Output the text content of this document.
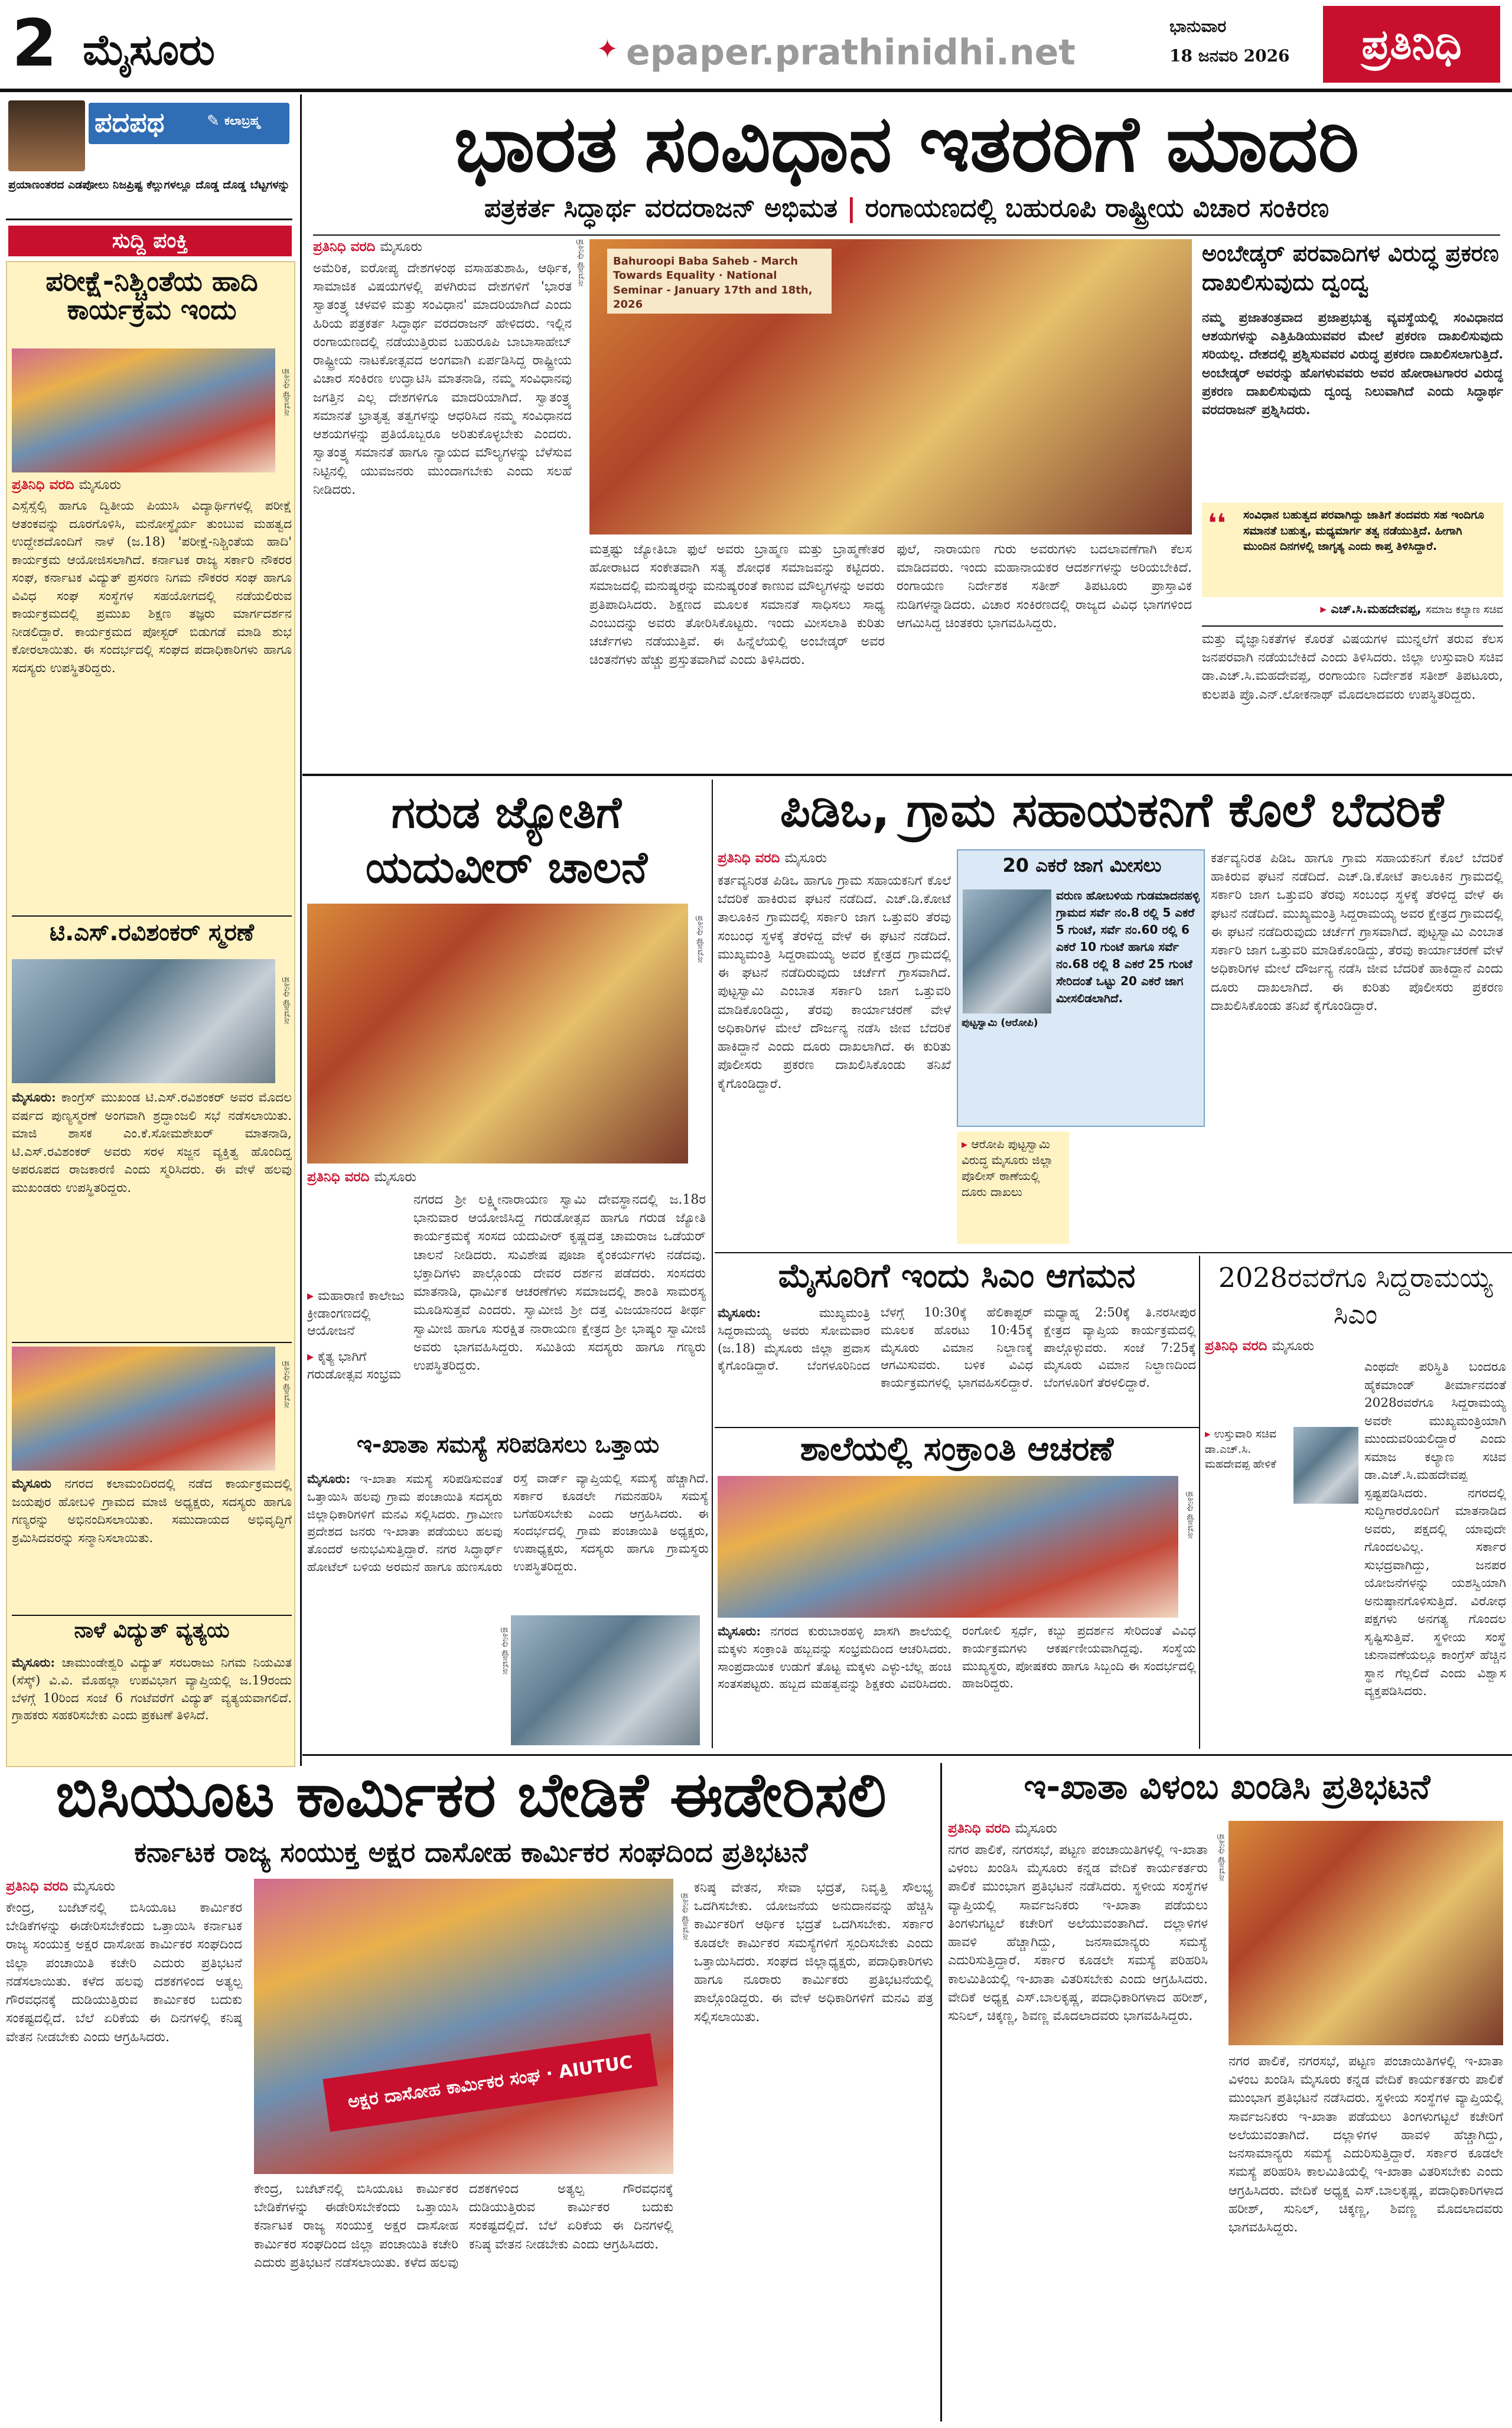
2 ಮೈಸೂರು	✦ epaper.prathinidhi.net
ಭಾನುವಾರ
18 ಜನವರಿ 2026	ಪ್ರತಿನಿಧಿ
ಪದಪಥ	✎ ಕಲಾಬ್ರಹ್ಮ
ಪ್ರಯಾಣಂತರದ ಎಡಪೋಲು ನಿಜಪ್ರಿಷ್ಟ ಕೆಲ್ಲುಗಳಲ್ಲೂ ದೊಡ್ಡ ದೊಡ್ಡ ಬೆಟ್ಟಗಳನ್ನು
ಸುದ್ದಿ ಪಂಕ್ತಿ
ಪರೀಕ್ಷೆ-ನಿಶ್ಚಿಂತೆಯ ಹಾದಿ ಕಾರ್ಯಕ್ರಮ ಇಂದು
ಪ್ರತಿನಿಧಿ ಫೋಟೋ
ಪ್ರತಿನಿಧಿ ವರದಿ ಮೈಸೂರು
ಎಸ್ಸೆಸ್ಸೆಲ್ಸಿ ಹಾಗೂ ದ್ವಿತೀಯ ಪಿಯುಸಿ ವಿದ್ಯಾರ್ಥಿಗಳಲ್ಲಿ ಪರೀಕ್ಷೆ ಆತಂಕವನ್ನು ದೂರಗೊಳಿಸಿ, ಮನೋಸ್ಥೈರ್ಯ ತುಂಬುವ ಮಹತ್ವದ ಉದ್ದೇಶದೊಂದಿಗೆ ನಾಳೆ (ಜ.18) 'ಪರೀಕ್ಷೆ-ನಿಶ್ಚಿಂತೆಯ ಹಾದಿ' ಕಾರ್ಯಕ್ರಮ ಆಯೋಜಿಸಲಾಗಿದೆ. ಕರ್ನಾಟಕ ರಾಜ್ಯ ಸರ್ಕಾರಿ ನೌಕರರ ಸಂಘ, ಕರ್ನಾಟಕ ವಿದ್ಯುತ್ ಪ್ರಸರಣ ನಿಗಮ ನೌಕರರ ಸಂಘ ಹಾಗೂ ವಿವಿಧ ಸಂಘ ಸಂಸ್ಥೆಗಳ ಸಹಯೋಗದಲ್ಲಿ ನಡೆಯಲಿರುವ ಕಾರ್ಯಕ್ರಮದಲ್ಲಿ ಪ್ರಮುಖ ಶಿಕ್ಷಣ ತಜ್ಞರು ಮಾರ್ಗದರ್ಶನ ನೀಡಲಿದ್ದಾರೆ. ಕಾರ್ಯಕ್ರಮದ ಪೋಸ್ಟರ್ ಬಿಡುಗಡೆ ಮಾಡಿ ಶುಭ ಕೋರಲಾಯಿತು. ಈ ಸಂದರ್ಭದಲ್ಲಿ ಸಂಘದ ಪದಾಧಿಕಾರಿಗಳು ಹಾಗೂ ಸದಸ್ಯರು ಉಪಸ್ಥಿತರಿದ್ದರು.
ಟಿ.ಎಸ್.ರವಿಶಂಕರ್ ಸ್ಮರಣೆ
ಪ್ರತಿನಿಧಿ ಫೋಟೋ
ಮೈಸೂರು: ಕಾಂಗ್ರೆಸ್ ಮುಖಂಡ ಟಿ.ಎಸ್.ರವಿಶಂಕರ್ ಅವರ ಮೊದಲ ವರ್ಷದ ಪುಣ್ಯಸ್ಮರಣೆ ಅಂಗವಾಗಿ ಶ್ರದ್ಧಾಂಜಲಿ ಸಭೆ ನಡೆಸಲಾಯಿತು. ಮಾಜಿ ಶಾಸಕ ಎಂ.ಕೆ.ಸೋಮಶೇಖರ್ ಮಾತನಾಡಿ, ಟಿ.ಎಸ್.ರವಿಶಂಕರ್ ಅವರು ಸರಳ ಸಜ್ಜನ ವ್ಯಕ್ತಿತ್ವ ಹೊಂದಿದ್ದ ಅಪರೂಪದ ರಾಜಕಾರಣಿ ಎಂದು ಸ್ಮರಿಸಿದರು. ಈ ವೇಳೆ ಹಲವು ಮುಖಂಡರು ಉಪಸ್ಥಿತರಿದ್ದರು.
ಪ್ರತಿನಿಧಿ ಫೋಟೋ
ಮೈಸೂರು ನಗರದ ಕಲಾಮಂದಿರದಲ್ಲಿ ನಡೆದ ಕಾರ್ಯಕ್ರಮದಲ್ಲಿ ಜಯಪುರ ಹೋಬಳಿ ಗ್ರಾಮದ ಮಾಜಿ ಅಧ್ಯಕ್ಷರು, ಸದಸ್ಯರು ಹಾಗೂ ಗಣ್ಯರನ್ನು ಅಭಿನಂದಿಸಲಾಯಿತು. ಸಮುದಾಯದ ಅಭಿವೃದ್ಧಿಗೆ ಶ್ರಮಿಸಿದವರನ್ನು ಸನ್ಮಾನಿಸಲಾಯಿತು.
ನಾಳೆ ವಿದ್ಯುತ್ ವ್ಯತ್ಯಯ
ಮೈಸೂರು: ಚಾಮುಂಡೇಶ್ವರಿ ವಿದ್ಯುತ್ ಸರಬರಾಜು ನಿಗಮ ನಿಯಮಿತ (ಸೆಸ್ಕ್) ವಿ.ವಿ. ಮೊಹಲ್ಲಾ ಉಪವಿಭಾಗ ವ್ಯಾಪ್ತಿಯಲ್ಲಿ ಜ.19ರಂದು ಬೆಳಗ್ಗೆ 10ರಿಂದ ಸಂಜೆ 6 ಗಂಟೆವರೆಗೆ ವಿದ್ಯುತ್ ವ್ಯತ್ಯಯವಾಗಲಿದೆ. ಗ್ರಾಹಕರು ಸಹಕರಿಸಬೇಕು ಎಂದು ಪ್ರಕಟಣೆ ತಿಳಿಸಿದೆ.
ಭಾರತ ಸಂವಿಧಾನ ಇತರರಿಗೆ ಮಾದರಿ
ಪತ್ರಕರ್ತ ಸಿದ್ಧಾರ್ಥ ವರದರಾಜನ್ ಅಭಿಮತ | ರಂಗಾಯಣದಲ್ಲಿ ಬಹುರೂಪಿ ರಾಷ್ಟ್ರೀಯ ವಿಚಾರ ಸಂಕಿರಣ
ಪ್ರತಿನಿಧಿ ವರದಿ ಮೈಸೂರು	ಪ್ರತಿನಿಧಿ ಫೋಟೋ
ಅಮೆರಿಕ, ಐರೋಪ್ಯ ದೇಶಗಳಂಥ ವಸಾಹತುಶಾಹಿ, ಆರ್ಥಿಕ, ಸಾಮಾಜಿಕ ವಿಷಯಗಳಲ್ಲಿ ಪಳಗಿರುವ ದೇಶಗಳಿಗೆ 'ಭಾರತ ಸ್ವಾತಂತ್ರ್ಯ ಚಳವಳಿ ಮತ್ತು ಸಂವಿಧಾನ' ಮಾದರಿಯಾಗಿದೆ ಎಂದು ಹಿರಿಯ ಪತ್ರಕರ್ತ ಸಿದ್ಧಾರ್ಥ ವರದರಾಜನ್ ಹೇಳಿದರು. ಇಲ್ಲಿನ ರಂಗಾಯಣದಲ್ಲಿ ನಡೆಯುತ್ತಿರುವ ಬಹುರೂಪಿ ಬಾಬಾಸಾಹೇಬ್ ರಾಷ್ಟ್ರೀಯ ನಾಟಕೋತ್ಸವದ ಅಂಗವಾಗಿ ಏರ್ಪಡಿಸಿದ್ದ ರಾಷ್ಟ್ರೀಯ ವಿಚಾರ ಸಂಕಿರಣ ಉದ್ಘಾಟಿಸಿ ಮಾತನಾಡಿ, ನಮ್ಮ ಸಂವಿಧಾನವು ಜಗತ್ತಿನ ಎಲ್ಲ ದೇಶಗಳಿಗೂ ಮಾದರಿಯಾಗಿದೆ. ಸ್ವಾತಂತ್ರ್ಯ ಸಮಾನತೆ ಭ್ರಾತೃತ್ವ ತತ್ವಗಳನ್ನು ಆಧರಿಸಿದ ನಮ್ಮ ಸಂವಿಧಾನದ ಆಶಯಗಳನ್ನು ಪ್ರತಿಯೊಬ್ಬರೂ ಅರಿತುಕೊಳ್ಳಬೇಕು ಎಂದರು. ಸ್ವಾತಂತ್ರ್ಯ ಸಮಾನತೆ ಹಾಗೂ ನ್ಯಾಯದ ಮೌಲ್ಯಗಳನ್ನು ಬೆಳೆಸುವ ನಿಟ್ಟಿನಲ್ಲಿ ಯುವಜನರು ಮುಂದಾಗಬೇಕು ಎಂದು ಸಲಹೆ ನೀಡಿದರು.
Bahuroopi Baba Saheb - March Towards Equality · National Seminar - January 17th and 18th, 2026
ಮತ್ತಷ್ಟು ಜ್ಯೋತಿಬಾ ಫುಲೆ ಅವರು ಬ್ರಾಹ್ಮಣ ಮತ್ತು ಬ್ರಾಹ್ಮಣೇತರ ಹೋರಾಟದ ಸಂಕೇತವಾಗಿ ಸತ್ಯ ಶೋಧಕ ಸಮಾಜವನ್ನು ಕಟ್ಟಿದರು. ಸಮಾಜದಲ್ಲಿ ಮನುಷ್ಯರನ್ನು ಮನುಷ್ಯರಂತೆ ಕಾಣುವ ಮೌಲ್ಯಗಳನ್ನು ಅವರು ಪ್ರತಿಪಾದಿಸಿದರು. ಶಿಕ್ಷಣದ ಮೂಲಕ ಸಮಾನತೆ ಸಾಧಿಸಲು ಸಾಧ್ಯ ಎಂಬುದನ್ನು ಅವರು ತೋರಿಸಿಕೊಟ್ಟರು. ಇಂದು ಮೀಸಲಾತಿ ಕುರಿತು ಚರ್ಚೆಗಳು ನಡೆಯುತ್ತಿವೆ. ಈ ಹಿನ್ನೆಲೆಯಲ್ಲಿ ಅಂಬೇಡ್ಕರ್ ಅವರ ಚಿಂತನೆಗಳು ಹೆಚ್ಚು ಪ್ರಸ್ತುತವಾಗಿವೆ ಎಂದು ತಿಳಿಸಿದರು.
ಫುಲೆ, ನಾರಾಯಣ ಗುರು ಅವರುಗಳು ಬದಲಾವಣೆಗಾಗಿ ಕೆಲಸ ಮಾಡಿದವರು. ಇಂದು ಮಹಾನಾಯಕರ ಆದರ್ಶಗಳನ್ನು ಅರಿಯಬೇಕಿದೆ. ರಂಗಾಯಣ ನಿರ್ದೇಶಕ ಸತೀಶ್ ತಿಪಟೂರು ಪ್ರಾಸ್ತಾವಿಕ ನುಡಿಗಳನ್ನಾಡಿದರು. ವಿಚಾರ ಸಂಕಿರಣದಲ್ಲಿ ರಾಜ್ಯದ ವಿವಿಧ ಭಾಗಗಳಿಂದ ಆಗಮಿಸಿದ್ದ ಚಿಂತಕರು ಭಾಗವಹಿಸಿದ್ದರು.
ಅಂಬೇಡ್ಕರ್ ಪರವಾದಿಗಳ ವಿರುದ್ಧ ಪ್ರಕರಣ ದಾಖಲಿಸುವುದು ದ್ವಂದ್ವ
ನಮ್ಮ ಪ್ರಜಾತಂತ್ರವಾದ ಪ್ರಜಾಪ್ರಭುತ್ವ ವ್ಯವಸ್ಥೆಯಲ್ಲಿ ಸಂವಿಧಾನದ ಆಶಯಗಳನ್ನು ಎತ್ತಿಹಿಡಿಯುವವರ ಮೇಲೆ ಪ್ರಕರಣ ದಾಖಲಿಸುವುದು ಸರಿಯಲ್ಲ. ದೇಶದಲ್ಲಿ ಪ್ರಶ್ನಿಸುವವರ ವಿರುದ್ಧ ಪ್ರಕರಣ ದಾಖಲಿಸಲಾಗುತ್ತಿದೆ. ಅಂಬೇಡ್ಕರ್ ಅವರನ್ನು ಹೊಗಳುವವರು ಅವರ ಹೋರಾಟಗಾರರ ವಿರುದ್ಧ ಪ್ರಕರಣ ದಾಖಲಿಸುವುದು ದ್ವಂದ್ವ ನಿಲುವಾಗಿದೆ ಎಂದು ಸಿದ್ಧಾರ್ಥ ವರದರಾಜನ್ ಪ್ರಶ್ನಿಸಿದರು.
❛❛	ಸಂವಿಧಾನ ಬಹುತ್ವದ ಪರವಾಗಿದ್ದು ಜಾತಿಗೆ ತಂದವರು ಸಹ ಇಂದಿಗೂ ಸಮಾನತೆ ಬಹುತ್ವ, ಮಧ್ಯಮಾರ್ಗ ತತ್ವ ನಡೆಯುತ್ತಿದೆ. ಹೀಗಾಗಿ ಮುಂದಿನ ದಿನಗಳಲ್ಲಿ ಜಾಗೃತ್ಯ ಎಂದು ಕಾಪ್ತ ತಿಳಿಸಿದ್ದಾರೆ.
▸ ಎಚ್.ಸಿ.ಮಹದೇವಪ್ಪ, ಸಮಾಜ ಕಲ್ಯಾಣ ಸಚಿವ
ಮತ್ತು ವೈಜ್ಞಾನಿಕತೆಗಳ ಕೊರತೆ ವಿಷಯಗಳ ಮುನ್ನಲೆಗೆ ತರುವ ಕೆಲಸ ಜನಪರವಾಗಿ ನಡೆಯಬೇಕಿದೆ ಎಂದು ತಿಳಿಸಿದರು. ಜಿಲ್ಲಾ ಉಸ್ತುವಾರಿ ಸಚಿವ ಡಾ.ಎಚ್.ಸಿ.ಮಹದೇವಪ್ಪ, ರಂಗಾಯಣ ನಿರ್ದೇಶಕ ಸತೀಶ್ ತಿಪಟೂರು, ಕುಲಪತಿ ಪ್ರೊ.ಎನ್.ಲೋಕನಾಥ್ ಮೊದಲಾದವರು ಉಪಸ್ಥಿತರಿದ್ದರು.
ಗರುಡ ಜ್ಯೋತಿಗೆ ಯದುವೀರ್ ಚಾಲನೆ
ಪ್ರತಿನಿಧಿ ಫೋಟೋ
ಪ್ರತಿನಿಧಿ ವರದಿ ಮೈಸೂರು
▸ ಮಹಾರಾಣಿ ಕಾಲೇಜು ಕ್ರೀಡಾಂಗಣದಲ್ಲಿ ಆಯೋಜನೆ
▸ ಕೈತ್ಯ ಭಾಗಿಗೆ ಗರುಡೋತ್ಸವ ಸಂಭ್ರಮ
ನಗರದ ಶ್ರೀ ಲಕ್ಷ್ಮೀನಾರಾಯಣ ಸ್ವಾಮಿ ದೇವಸ್ಥಾನದಲ್ಲಿ ಜ.18ರ ಭಾನುವಾರ ಆಯೋಜಿಸಿದ್ದ ಗರುಡೋತ್ಸವ ಹಾಗೂ ಗರುಡ ಜ್ಯೋತಿ ಕಾರ್ಯಕ್ರಮಕ್ಕೆ ಸಂಸದ ಯದುವೀರ್ ಕೃಷ್ಣದತ್ತ ಚಾಮರಾಜ ಒಡೆಯರ್ ಚಾಲನೆ ನೀಡಿದರು. ಸುವಿಶೇಷ ಪೂಜಾ ಕೈಂಕರ್ಯಗಳು ನಡೆದವು. ಭಕ್ತಾದಿಗಳು ಪಾಲ್ಗೊಂಡು ದೇವರ ದರ್ಶನ ಪಡೆದರು. ಸಂಸದರು ಮಾತನಾಡಿ, ಧಾರ್ಮಿಕ ಆಚರಣೆಗಳು ಸಮಾಜದಲ್ಲಿ ಶಾಂತಿ ಸಾಮರಸ್ಯ ಮೂಡಿಸುತ್ತವೆ ಎಂದರು. ಸ್ವಾಮೀಜಿ ಶ್ರೀ ದತ್ತ ವಿಜಯಾನಂದ ತೀರ್ಥ ಸ್ವಾಮೀಜಿ ಹಾಗೂ ಸುರಕ್ಷಿತ ನಾರಾಯಣ ಕ್ಷೇತ್ರದ ಶ್ರೀ ಭಾಷ್ಯಂ ಸ್ವಾಮೀಜಿ ಅವರು ಭಾಗವಹಿಸಿದ್ದರು. ಸಮಿತಿಯ ಸದಸ್ಯರು ಹಾಗೂ ಗಣ್ಯರು ಉಪಸ್ಥಿತರಿದ್ದರು.
ಪಿಡಿಒ, ಗ್ರಾಮ ಸಹಾಯಕನಿಗೆ ಕೊಲೆ ಬೆದರಿಕೆ
ಪ್ರತಿನಿಧಿ ವರದಿ ಮೈಸೂರು	20 ಎಕರೆ ಜಾಗ ಮೀಸಲು
ವರುಣ ಹೋಬಳಿಯ ಗುಡಮಾದನಹಳ್ಳಿ ಗ್ರಾಮದ ಸರ್ವೆ ನಂ.8 ರಲ್ಲಿ 5 ಎಕರೆ 5 ಗುಂಟೆ, ಸರ್ವೆ ನಂ.60 ರಲ್ಲಿ 6 ಎಕರೆ 10 ಗುಂಟೆ ಹಾಗೂ ಸರ್ವೆ ನಂ.68 ರಲ್ಲಿ 8 ಎಕರೆ 25 ಗುಂಟೆ ಸೇರಿದಂತೆ ಒಟ್ಟು 20 ಎಕರೆ ಜಾಗ ಮೀಸಲಿಡಲಾಗಿದೆ.
ಪುಟ್ಟಸ್ವಾಮಿ (ಆರೋಪಿ)
▸ ಆರೋಪಿ ಪುಟ್ಟಸ್ವಾಮಿ ವಿರುದ್ಧ ಮೈಸೂರು ಜಿಲ್ಲಾ ಪೊಲೀಸ್ ಠಾಣೆಯಲ್ಲಿ ದೂರು ದಾಖಲು
ಕರ್ತವ್ಯನಿರತ ಪಿಡಿಒ ಹಾಗೂ ಗ್ರಾಮ ಸಹಾಯಕನಿಗೆ ಕೊಲೆ ಬೆದರಿಕೆ ಹಾಕಿರುವ ಘಟನೆ ನಡೆದಿದೆ. ಎಚ್.ಡಿ.ಕೋಟೆ ತಾಲೂಕಿನ ಗ್ರಾಮದಲ್ಲಿ ಸರ್ಕಾರಿ ಜಾಗ ಒತ್ತುವರಿ ತೆರವು ಸಂಬಂಧ ಸ್ಥಳಕ್ಕೆ ತೆರಳಿದ್ದ ವೇಳೆ ಈ ಘಟನೆ ನಡೆದಿದೆ. ಮುಖ್ಯಮಂತ್ರಿ ಸಿದ್ದರಾಮಯ್ಯ ಅವರ ಕ್ಷೇತ್ರದ ಗ್ರಾಮದಲ್ಲಿ ಈ ಘಟನೆ ನಡೆದಿರುವುದು ಚರ್ಚೆಗೆ ಗ್ರಾಸವಾಗಿದೆ. ಪುಟ್ಟಸ್ವಾಮಿ ಎಂಬಾತ ಸರ್ಕಾರಿ ಜಾಗ ಒತ್ತುವರಿ ಮಾಡಿಕೊಂಡಿದ್ದು, ತೆರವು ಕಾರ್ಯಾಚರಣೆ ವೇಳೆ ಅಧಿಕಾರಿಗಳ ಮೇಲೆ ದೌರ್ಜನ್ಯ ನಡೆಸಿ ಜೀವ ಬೆದರಿಕೆ ಹಾಕಿದ್ದಾನೆ ಎಂದು ದೂರು ದಾಖಲಾಗಿದೆ. ಈ ಕುರಿತು ಪೊಲೀಸರು ಪ್ರಕರಣ ದಾಖಲಿಸಿಕೊಂಡು ತನಿಖೆ ಕೈಗೊಂಡಿದ್ದಾರೆ.
ಕರ್ತವ್ಯನಿರತ ಪಿಡಿಒ ಹಾಗೂ ಗ್ರಾಮ ಸಹಾಯಕನಿಗೆ ಕೊಲೆ ಬೆದರಿಕೆ ಹಾಕಿರುವ ಘಟನೆ ನಡೆದಿದೆ. ಎಚ್.ಡಿ.ಕೋಟೆ ತಾಲೂಕಿನ ಗ್ರಾಮದಲ್ಲಿ ಸರ್ಕಾರಿ ಜಾಗ ಒತ್ತುವರಿ ತೆರವು ಸಂಬಂಧ ಸ್ಥಳಕ್ಕೆ ತೆರಳಿದ್ದ ವೇಳೆ ಈ ಘಟನೆ ನಡೆದಿದೆ. ಮುಖ್ಯಮಂತ್ರಿ ಸಿದ್ದರಾಮಯ್ಯ ಅವರ ಕ್ಷೇತ್ರದ ಗ್ರಾಮದಲ್ಲಿ ಈ ಘಟನೆ ನಡೆದಿರುವುದು ಚರ್ಚೆಗೆ ಗ್ರಾಸವಾಗಿದೆ. ಪುಟ್ಟಸ್ವಾಮಿ ಎಂಬಾತ ಸರ್ಕಾರಿ ಜಾಗ ಒತ್ತುವರಿ ಮಾಡಿಕೊಂಡಿದ್ದು, ತೆರವು ಕಾರ್ಯಾಚರಣೆ ವೇಳೆ ಅಧಿಕಾರಿಗಳ ಮೇಲೆ ದೌರ್ಜನ್ಯ ನಡೆಸಿ ಜೀವ ಬೆದರಿಕೆ ಹಾಕಿದ್ದಾನೆ ಎಂದು ದೂರು ದಾಖಲಾಗಿದೆ. ಈ ಕುರಿತು ಪೊಲೀಸರು ಪ್ರಕರಣ ದಾಖಲಿಸಿಕೊಂಡು ತನಿಖೆ ಕೈಗೊಂಡಿದ್ದಾರೆ.
ಮೈಸೂರಿಗೆ ಇಂದು ಸಿಎಂ ಆಗಮನ
ಮೈಸೂರು:	ಮುಖ್ಯಮಂತ್ರಿ ಸಿದ್ದರಾಮಯ್ಯ ಅವರು ಸೋಮವಾರ (ಜ.18) ಮೈಸೂರು ಜಿಲ್ಲಾ ಪ್ರವಾಸ ಕೈಗೊಂಡಿದ್ದಾರೆ. ಬೆಂಗಳೂರಿನಿಂದ ಬೆಳಗ್ಗೆ 10:30ಕ್ಕೆ ಹೆಲಿಕಾಪ್ಟರ್ ಮೂಲಕ ಹೊರಟು 10:45ಕ್ಕೆ ಮೈಸೂರು ವಿಮಾನ ನಿಲ್ದಾಣಕ್ಕೆ ಆಗಮಿಸುವರು. ಬಳಿಕ ವಿವಿಧ ಕಾರ್ಯಕ್ರಮಗಳಲ್ಲಿ ಭಾಗವಹಿಸಲಿದ್ದಾರೆ. ಮಧ್ಯಾಹ್ನ 2:50ಕ್ಕೆ ತಿ.ನರಸೀಪುರ ಕ್ಷೇತ್ರದ ವ್ಯಾಪ್ತಿಯ ಕಾರ್ಯಕ್ರಮದಲ್ಲಿ ಪಾಲ್ಗೊಳ್ಳುವರು. ಸಂಜೆ 7:25ಕ್ಕೆ ಮೈಸೂರು ವಿಮಾನ ನಿಲ್ದಾಣದಿಂದ ಬೆಂಗಳೂರಿಗೆ ತೆರಳಲಿದ್ದಾರೆ.
2028ರವರೆಗೂ ಸಿದ್ದರಾಮಯ್ಯ ಸಿಎಂ
ಪ್ರತಿನಿಧಿ ವರದಿ ಮೈಸೂರು
▸ ಉಸ್ತುವಾರಿ ಸಚಿವ ಡಾ.ಎಚ್.ಸಿ. ಮಹದೇವಪ್ಪ ಹೇಳಿಕೆ
ಎಂಥದೇ ಪರಿಸ್ಥಿತಿ ಬಂದರೂ ಹೈಕಮಾಂಡ್ ತೀರ್ಮಾನದಂತೆ 2028ರವರೆಗೂ ಸಿದ್ದರಾಮಯ್ಯ ಅವರೇ ಮುಖ್ಯಮಂತ್ರಿಯಾಗಿ ಮುಂದುವರಿಯಲಿದ್ದಾರೆ ಎಂದು ಸಮಾಜ ಕಲ್ಯಾಣ ಸಚಿವ ಡಾ.ಎಚ್.ಸಿ.ಮಹದೇವಪ್ಪ ಸ್ಪಷ್ಟಪಡಿಸಿದರು. ನಗರದಲ್ಲಿ ಸುದ್ದಿಗಾರರೊಂದಿಗೆ ಮಾತನಾಡಿದ ಅವರು, ಪಕ್ಷದಲ್ಲಿ ಯಾವುದೇ ಗೊಂದಲವಿಲ್ಲ. ಸರ್ಕಾರ ಸುಭದ್ರವಾಗಿದ್ದು, ಜನಪರ ಯೋಜನೆಗಳನ್ನು ಯಶಸ್ವಿಯಾಗಿ ಅನುಷ್ಠಾನಗೊಳಿಸುತ್ತಿದೆ. ವಿರೋಧ ಪಕ್ಷಗಳು ಅನಗತ್ಯ ಗೊಂದಲ ಸೃಷ್ಟಿಸುತ್ತಿವೆ. ಸ್ಥಳೀಯ ಸಂಸ್ಥೆ ಚುನಾವಣೆಯಲ್ಲೂ ಕಾಂಗ್ರೆಸ್ ಹೆಚ್ಚಿನ ಸ್ಥಾನ ಗೆಲ್ಲಲಿದೆ ಎಂದು ವಿಶ್ವಾಸ ವ್ಯಕ್ತಪಡಿಸಿದರು.
ಇ-ಖಾತಾ ಸಮಸ್ಯೆ ಸರಿಪಡಿಸಲು ಒತ್ತಾಯ
ಪ್ರತಿನಿಧಿ ಫೋಟೋ
ಮೈಸೂರು: ಇ-ಖಾತಾ ಸಮಸ್ಯೆ ಸರಿಪಡಿಸುವಂತೆ ಒತ್ತಾಯಿಸಿ ಹಲವು ಗ್ರಾಮ ಪಂಚಾಯಿತಿ ಸದಸ್ಯರು ಜಿಲ್ಲಾಧಿಕಾರಿಗಳಿಗೆ ಮನವಿ ಸಲ್ಲಿಸಿದರು. ಗ್ರಾಮೀಣ ಪ್ರದೇಶದ ಜನರು ಇ-ಖಾತಾ ಪಡೆಯಲು ಹಲವು ತೊಂದರೆ ಅನುಭವಿಸುತ್ತಿದ್ದಾರೆ. ನಗರ ಸಿದ್ಧಾರ್ಥ್ ಹೋಟೆಲ್ ಬಳಿಯ ಅರಮನೆ ಹಾಗೂ ಹುಣಸೂರು ರಸ್ತೆ ವಾರ್ಡ್ ವ್ಯಾಪ್ತಿಯಲ್ಲಿ ಸಮಸ್ಯೆ ಹೆಚ್ಚಾಗಿದೆ. ಸರ್ಕಾರ ಕೂಡಲೇ ಗಮನಹರಿಸಿ ಸಮಸ್ಯೆ ಬಗೆಹರಿಸಬೇಕು ಎಂದು ಆಗ್ರಹಿಸಿದರು. ಈ ಸಂದರ್ಭದಲ್ಲಿ ಗ್ರಾಮ ಪಂಚಾಯಿತಿ ಅಧ್ಯಕ್ಷರು, ಉಪಾಧ್ಯಕ್ಷರು, ಸದಸ್ಯರು ಹಾಗೂ ಗ್ರಾಮಸ್ಥರು ಉಪಸ್ಥಿತರಿದ್ದರು.
ಶಾಲೆಯಲ್ಲಿ ಸಂಕ್ರಾಂತಿ ಆಚರಣೆ
ಪ್ರತಿನಿಧಿ ಫೋಟೋ
ಮೈಸೂರು: ನಗರದ ಕುರುಬಾರಹಳ್ಳಿ ಖಾಸಗಿ ಶಾಲೆಯಲ್ಲಿ ಮಕ್ಕಳು ಸಂಕ್ರಾಂತಿ ಹಬ್ಬವನ್ನು ಸಂಭ್ರಮದಿಂದ ಆಚರಿಸಿದರು. ಸಾಂಪ್ರದಾಯಿಕ ಉಡುಗೆ ತೊಟ್ಟ ಮಕ್ಕಳು ಎಳ್ಳು-ಬೆಲ್ಲ ಹಂಚಿ ಸಂತಸಪಟ್ಟರು. ಹಬ್ಬದ ಮಹತ್ವವನ್ನು ಶಿಕ್ಷಕರು ವಿವರಿಸಿದರು. ರಂಗೋಲಿ ಸ್ಪರ್ಧೆ, ಕಬ್ಬು ಪ್ರದರ್ಶನ ಸೇರಿದಂತೆ ವಿವಿಧ ಕಾರ್ಯಕ್ರಮಗಳು ಆಕರ್ಷಣೀಯವಾಗಿದ್ದವು. ಸಂಸ್ಥೆಯ ಮುಖ್ಯಸ್ಥರು, ಪೋಷಕರು ಹಾಗೂ ಸಿಬ್ಬಂದಿ ಈ ಸಂದರ್ಭದಲ್ಲಿ ಹಾಜರಿದ್ದರು.
ಬಿಸಿಯೂಟ ಕಾರ್ಮಿಕರ ಬೇಡಿಕೆ ಈಡೇರಿಸಲಿ
ಕರ್ನಾಟಕ ರಾಜ್ಯ ಸಂಯುಕ್ತ ಅಕ್ಷರ ದಾಸೋಹ ಕಾರ್ಮಿಕರ ಸಂಘದಿಂದ ಪ್ರತಿಭಟನೆ
ಪ್ರತಿನಿಧಿ ವರದಿ ಮೈಸೂರು
ಕೇಂದ್ರ, ಬಜೆಟ್‌ನಲ್ಲಿ ಬಿಸಿಯೂಟ ಕಾರ್ಮಿಕರ ಬೇಡಿಕೆಗಳನ್ನು ಈಡೇರಿಸಬೇಕೆಂದು ಒತ್ತಾಯಿಸಿ ಕರ್ನಾಟಕ ರಾಜ್ಯ ಸಂಯುಕ್ತ ಅಕ್ಷರ ದಾಸೋಹ ಕಾರ್ಮಿಕರ ಸಂಘದಿಂದ ಜಿಲ್ಲಾ ಪಂಚಾಯಿತಿ ಕಚೇರಿ ಎದುರು ಪ್ರತಿಭಟನೆ ನಡೆಸಲಾಯಿತು. ಕಳೆದ ಹಲವು ದಶಕಗಳಿಂದ ಅತ್ಯಲ್ಪ ಗೌರವಧನಕ್ಕೆ ದುಡಿಯುತ್ತಿರುವ ಕಾರ್ಮಿಕರ ಬದುಕು ಸಂಕಷ್ಟದಲ್ಲಿದೆ. ಬೆಲೆ ಏರಿಕೆಯ ಈ ದಿನಗಳಲ್ಲಿ ಕನಿಷ್ಠ ವೇತನ ನೀಡಬೇಕು ಎಂದು ಆಗ್ರಹಿಸಿದರು.
ಅಕ್ಷರ ದಾಸೋಹ ಕಾರ್ಮಿಕರ ಸಂಘ · AIUTUC
ಪ್ರತಿನಿಧಿ ಫೋಟೋ
ಕನಿಷ್ಠ ವೇತನ, ಸೇವಾ ಭದ್ರತೆ, ನಿವೃತ್ತಿ ಸೌಲಭ್ಯ ಒದಗಿಸಬೇಕು. ಯೋಜನೆಯ ಅನುದಾನವನ್ನು ಹೆಚ್ಚಿಸಿ ಕಾರ್ಮಿಕರಿಗೆ ಆರ್ಥಿಕ ಭದ್ರತೆ ಒದಗಿಸಬೇಕು. ಸರ್ಕಾರ ಕೂಡಲೇ ಕಾರ್ಮಿಕರ ಸಮಸ್ಯೆಗಳಿಗೆ ಸ್ಪಂದಿಸಬೇಕು ಎಂದು ಒತ್ತಾಯಿಸಿದರು. ಸಂಘದ ಜಿಲ್ಲಾಧ್ಯಕ್ಷರು, ಪದಾಧಿಕಾರಿಗಳು ಹಾಗೂ ನೂರಾರು ಕಾರ್ಮಿಕರು ಪ್ರತಿಭಟನೆಯಲ್ಲಿ ಪಾಲ್ಗೊಂಡಿದ್ದರು. ಈ ವೇಳೆ ಅಧಿಕಾರಿಗಳಿಗೆ ಮನವಿ ಪತ್ರ ಸಲ್ಲಿಸಲಾಯಿತು.
ಕೇಂದ್ರ, ಬಜೆಟ್‌ನಲ್ಲಿ ಬಿಸಿಯೂಟ ಕಾರ್ಮಿಕರ ಬೇಡಿಕೆಗಳನ್ನು ಈಡೇರಿಸಬೇಕೆಂದು ಒತ್ತಾಯಿಸಿ ಕರ್ನಾಟಕ ರಾಜ್ಯ ಸಂಯುಕ್ತ ಅಕ್ಷರ ದಾಸೋಹ ಕಾರ್ಮಿಕರ ಸಂಘದಿಂದ ಜಿಲ್ಲಾ ಪಂಚಾಯಿತಿ ಕಚೇರಿ ಎದುರು ಪ್ರತಿಭಟನೆ ನಡೆಸಲಾಯಿತು. ಕಳೆದ ಹಲವು ದಶಕಗಳಿಂದ ಅತ್ಯಲ್ಪ ಗೌರವಧನಕ್ಕೆ ದುಡಿಯುತ್ತಿರುವ ಕಾರ್ಮಿಕರ ಬದುಕು ಸಂಕಷ್ಟದಲ್ಲಿದೆ. ಬೆಲೆ ಏರಿಕೆಯ ಈ ದಿನಗಳಲ್ಲಿ ಕನಿಷ್ಠ ವೇತನ ನೀಡಬೇಕು ಎಂದು ಆಗ್ರಹಿಸಿದರು.
ಇ-ಖಾತಾ ವಿಳಂಬ ಖಂಡಿಸಿ ಪ್ರತಿಭಟನೆ
ಪ್ರತಿನಿಧಿ ವರದಿ ಮೈಸೂರು
ನಗರ ಪಾಲಿಕೆ, ನಗರಸಭೆ, ಪಟ್ಟಣ ಪಂಚಾಯಿತಿಗಳಲ್ಲಿ ಇ-ಖಾತಾ ವಿಳಂಬ ಖಂಡಿಸಿ ಮೈಸೂರು ಕನ್ನಡ ವೇದಿಕೆ ಕಾರ್ಯಕರ್ತರು ಪಾಲಿಕೆ ಮುಂಭಾಗ ಪ್ರತಿಭಟನೆ ನಡೆಸಿದರು. ಸ್ಥಳೀಯ ಸಂಸ್ಥೆಗಳ ವ್ಯಾಪ್ತಿಯಲ್ಲಿ ಸಾರ್ವಜನಿಕರು ಇ-ಖಾತಾ ಪಡೆಯಲು ತಿಂಗಳುಗಟ್ಟಲೆ ಕಚೇರಿಗೆ ಅಲೆಯುವಂತಾಗಿದೆ. ದಲ್ಲಾಳಿಗಳ ಹಾವಳಿ ಹೆಚ್ಚಾಗಿದ್ದು, ಜನಸಾಮಾನ್ಯರು ಸಮಸ್ಯೆ ಎದುರಿಸುತ್ತಿದ್ದಾರೆ. ಸರ್ಕಾರ ಕೂಡಲೇ ಸಮಸ್ಯೆ ಪರಿಹರಿಸಿ ಕಾಲಮಿತಿಯಲ್ಲಿ ಇ-ಖಾತಾ ವಿತರಿಸಬೇಕು ಎಂದು ಆಗ್ರಹಿಸಿದರು. ವೇದಿಕೆ ಅಧ್ಯಕ್ಷ ಎಸ್.ಬಾಲಕೃಷ್ಣ, ಪದಾಧಿಕಾರಿಗಳಾದ ಹರೀಶ್, ಸುನಿಲ್, ಚಿಕ್ಕಣ್ಣ, ಶಿವಣ್ಣ ಮೊದಲಾದವರು ಭಾಗವಹಿಸಿದ್ದರು.
ಪ್ರತಿನಿಧಿ ಫೋಟೋ
ನಗರ ಪಾಲಿಕೆ, ನಗರಸಭೆ, ಪಟ್ಟಣ ಪಂಚಾಯಿತಿಗಳಲ್ಲಿ ಇ-ಖಾತಾ ವಿಳಂಬ ಖಂಡಿಸಿ ಮೈಸೂರು ಕನ್ನಡ ವೇದಿಕೆ ಕಾರ್ಯಕರ್ತರು ಪಾಲಿಕೆ ಮುಂಭಾಗ ಪ್ರತಿಭಟನೆ ನಡೆಸಿದರು. ಸ್ಥಳೀಯ ಸಂಸ್ಥೆಗಳ ವ್ಯಾಪ್ತಿಯಲ್ಲಿ ಸಾರ್ವಜನಿಕರು ಇ-ಖಾತಾ ಪಡೆಯಲು ತಿಂಗಳುಗಟ್ಟಲೆ ಕಚೇರಿಗೆ ಅಲೆಯುವಂತಾಗಿದೆ. ದಲ್ಲಾಳಿಗಳ ಹಾವಳಿ ಹೆಚ್ಚಾಗಿದ್ದು, ಜನಸಾಮಾನ್ಯರು ಸಮಸ್ಯೆ ಎದುರಿಸುತ್ತಿದ್ದಾರೆ. ಸರ್ಕಾರ ಕೂಡಲೇ ಸಮಸ್ಯೆ ಪರಿಹರಿಸಿ ಕಾಲಮಿತಿಯಲ್ಲಿ ಇ-ಖಾತಾ ವಿತರಿಸಬೇಕು ಎಂದು ಆಗ್ರಹಿಸಿದರು. ವೇದಿಕೆ ಅಧ್ಯಕ್ಷ ಎಸ್.ಬಾಲಕೃಷ್ಣ, ಪದಾಧಿಕಾರಿಗಳಾದ ಹರೀಶ್, ಸುನಿಲ್, ಚಿಕ್ಕಣ್ಣ, ಶಿವಣ್ಣ ಮೊದಲಾದವರು ಭಾಗವಹಿಸಿದ್ದರು.
